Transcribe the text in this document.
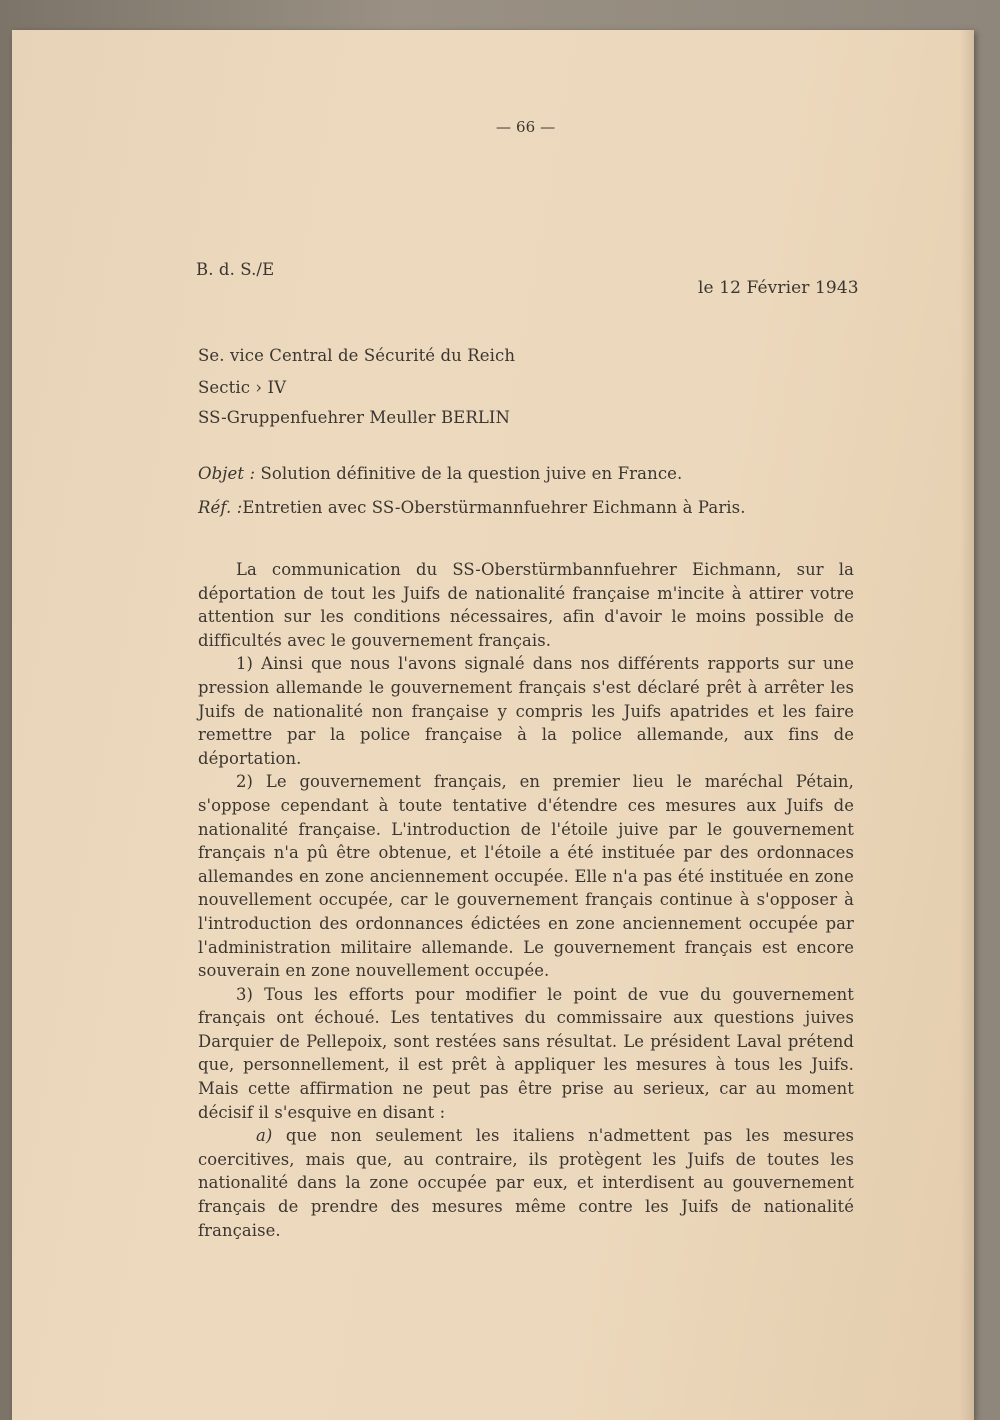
— 66 —
B. d. S./E
le 12 Février 1943
Se. vice Central de Sécurité du Reich
Sectic › IV
SS-Gruppenfuehrer Meuller BERLIN
Objet : Solution définitive de la question juive en France.
Réf. :Entretien avec SS-Oberstürmannfuehrer Eichmann à Paris.

La communication du SS-Oberstürmbannfuehrer Eichmann, sur la déportation de tout les Juifs de nationalité française m'incite à attirer votre attention sur les conditions nécessaires, afin d'avoir le moins possible de difficultés avec le gouvernement français.

1) Ainsi que nous l'avons signalé dans nos différents rapports sur une pression allemande le gouvernement français s'est déclaré prêt à arrêter les Juifs de nationalité non française y compris les Juifs apatrides et les faire remettre par la police française à la police allemande, aux fins de déportation.

2) Le gouvernement français, en premier lieu le maréchal Pétain, s'oppose cependant à toute tentative d'étendre ces mesures aux Juifs de nationalité française. L'introduction de l'étoile juive par le gouvernement français n'a pû être obtenue, et l'étoile a été instituée par des ordonnaces allemandes en zone anciennement occupée. Elle n'a pas été instituée en zone nouvellement occupée, car le gouvernement français continue à s'opposer à l'introduction des ordonnances édictées en zone anciennement occupée par l'administration militaire allemande. Le gouvernement français est encore souverain en zone nouvellement occupée.

3) Tous les efforts pour modifier le point de vue du gouvernement français ont échoué. Les tentatives du commissaire aux questions juives Darquier de Pellepoix, sont restées sans résultat. Le président Laval prétend que, personnellement, il est prêt à appliquer les mesures à tous les Juifs. Mais cette affirmation ne peut pas être prise au serieux, car au moment décisif il s'esquive en disant :

a) que non seulement les italiens n'admettent pas les mesures coercitives, mais que, au contraire, ils protègent les Juifs de toutes les nationalité dans la zone occupée par eux, et interdisent au gouvernement français de prendre des mesures même contre les Juifs de nationalité française.
